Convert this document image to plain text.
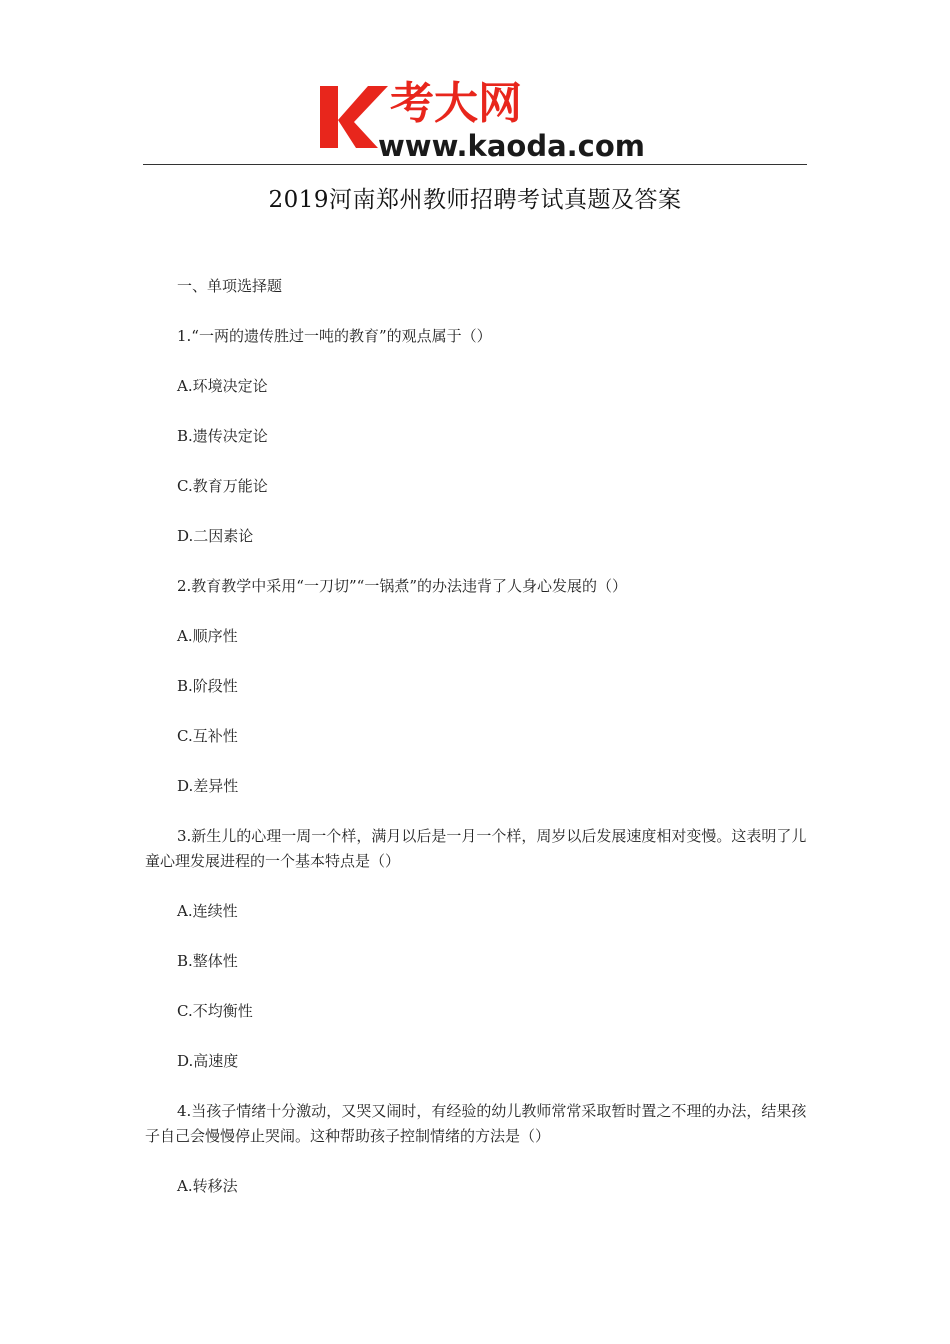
考大网
www.kaoda.com
2019河南郑州教师招聘考试真题及答案

一、单项选择题

1.“一两的遗传胜过一吨的教育”的观点属于（）

A.环境决定论

B.遗传决定论

C.教育万能论

D.二因素论

2.教育教学中采用“一刀切”“一锅煮”的办法违背了人身心发展的（）

A.顺序性

B.阶段性

C.互补性

D.差异性

3.新生儿的心理一周一个样，满月以后是一月一个样，周岁以后发展速度相对变慢。这表明了儿童心理发展进程的一个基本特点是（）

A.连续性

B.整体性

C.不均衡性

D.高速度

4.当孩子情绪十分激动，又哭又闹时，有经验的幼儿教师常常采取暂时置之不理的办法，结果孩子自己会慢慢停止哭闹。这种帮助孩子控制情绪的方法是（）

A.转移法
